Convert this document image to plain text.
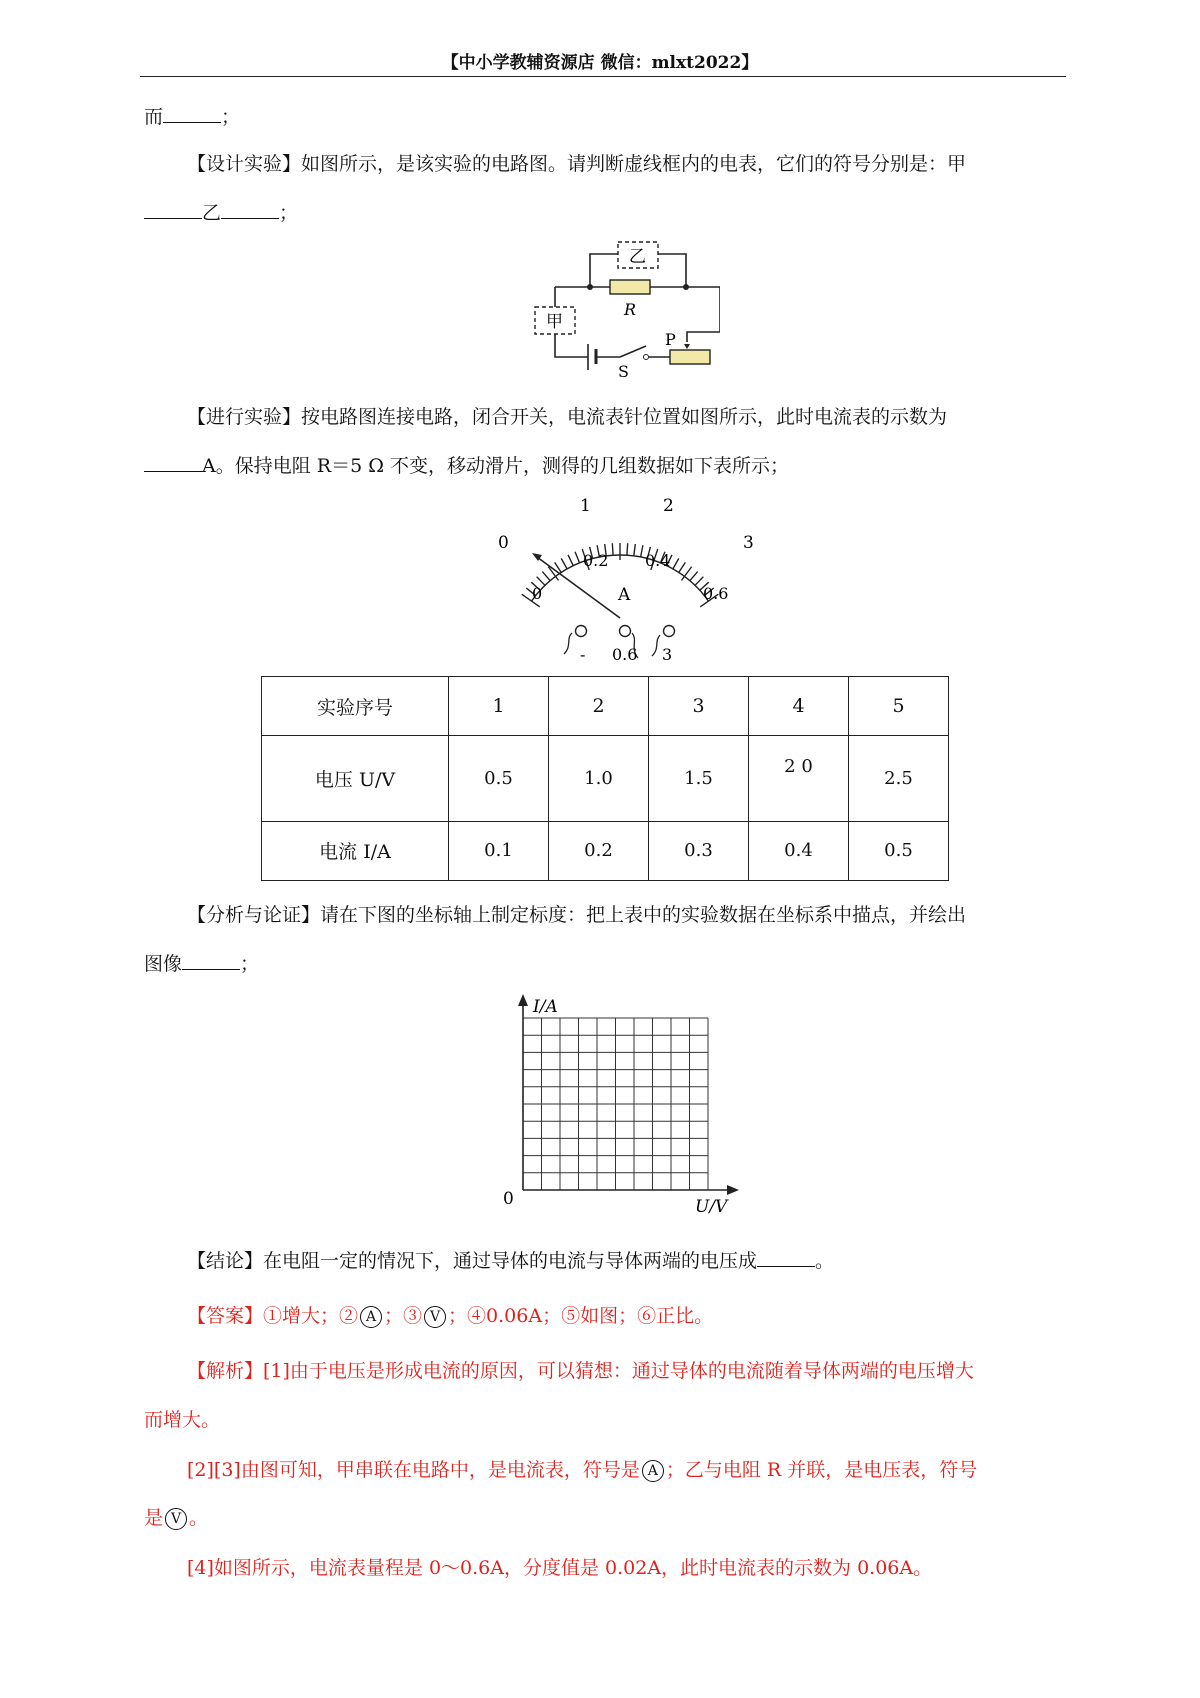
【中小学教辅资源店 微信：mlxt2022】
而	；
【设计实验】如图所示，是该实验的电路图。请判断虚线框内的电表，它们的符号分别是：甲
乙	；
乙
甲
R
P
S
【进行实验】按电路图连接电路，闭合开关，电流表针位置如图所示，此时电流表的示数为
A。保持电阻 R＝5 Ω 不变，移动滑片，测得的几组数据如下表所示；
0
1	2
3
0
0.2 0.4
0.6
A
- 0.6 3
实验序号	1	2	3	4	5
电压 U/V	0.5	1.0	1.5	2 0	2.5
电流 I/A	0.1	0.2	0.3	0.4	0.5
【分析与论证】请在下图的坐标轴上制定标度：把上表中的实验数据在坐标系中描点，并绘出
图像	；
I/A
U/V
0
【结论】在电阻一定的情况下，通过导体的电流与导体两端的电压成	。
【答案】①增大；② A ；③ V ；④0.06A；⑤如图；⑥正比。
【解析】[1]由于电压是形成电流的原因，可以猜想：通过导体的电流随着导体两端的电压增大
而增大。
[2][3]由图可知，甲串联在电路中，是电流表，符号是 A ；乙与电阻 R 并联，是电压表，符号
是 V 。
[4]如图所示，电流表量程是 0～0.6A，分度值是 0.02A，此时电流表的示数为 0.06A。
